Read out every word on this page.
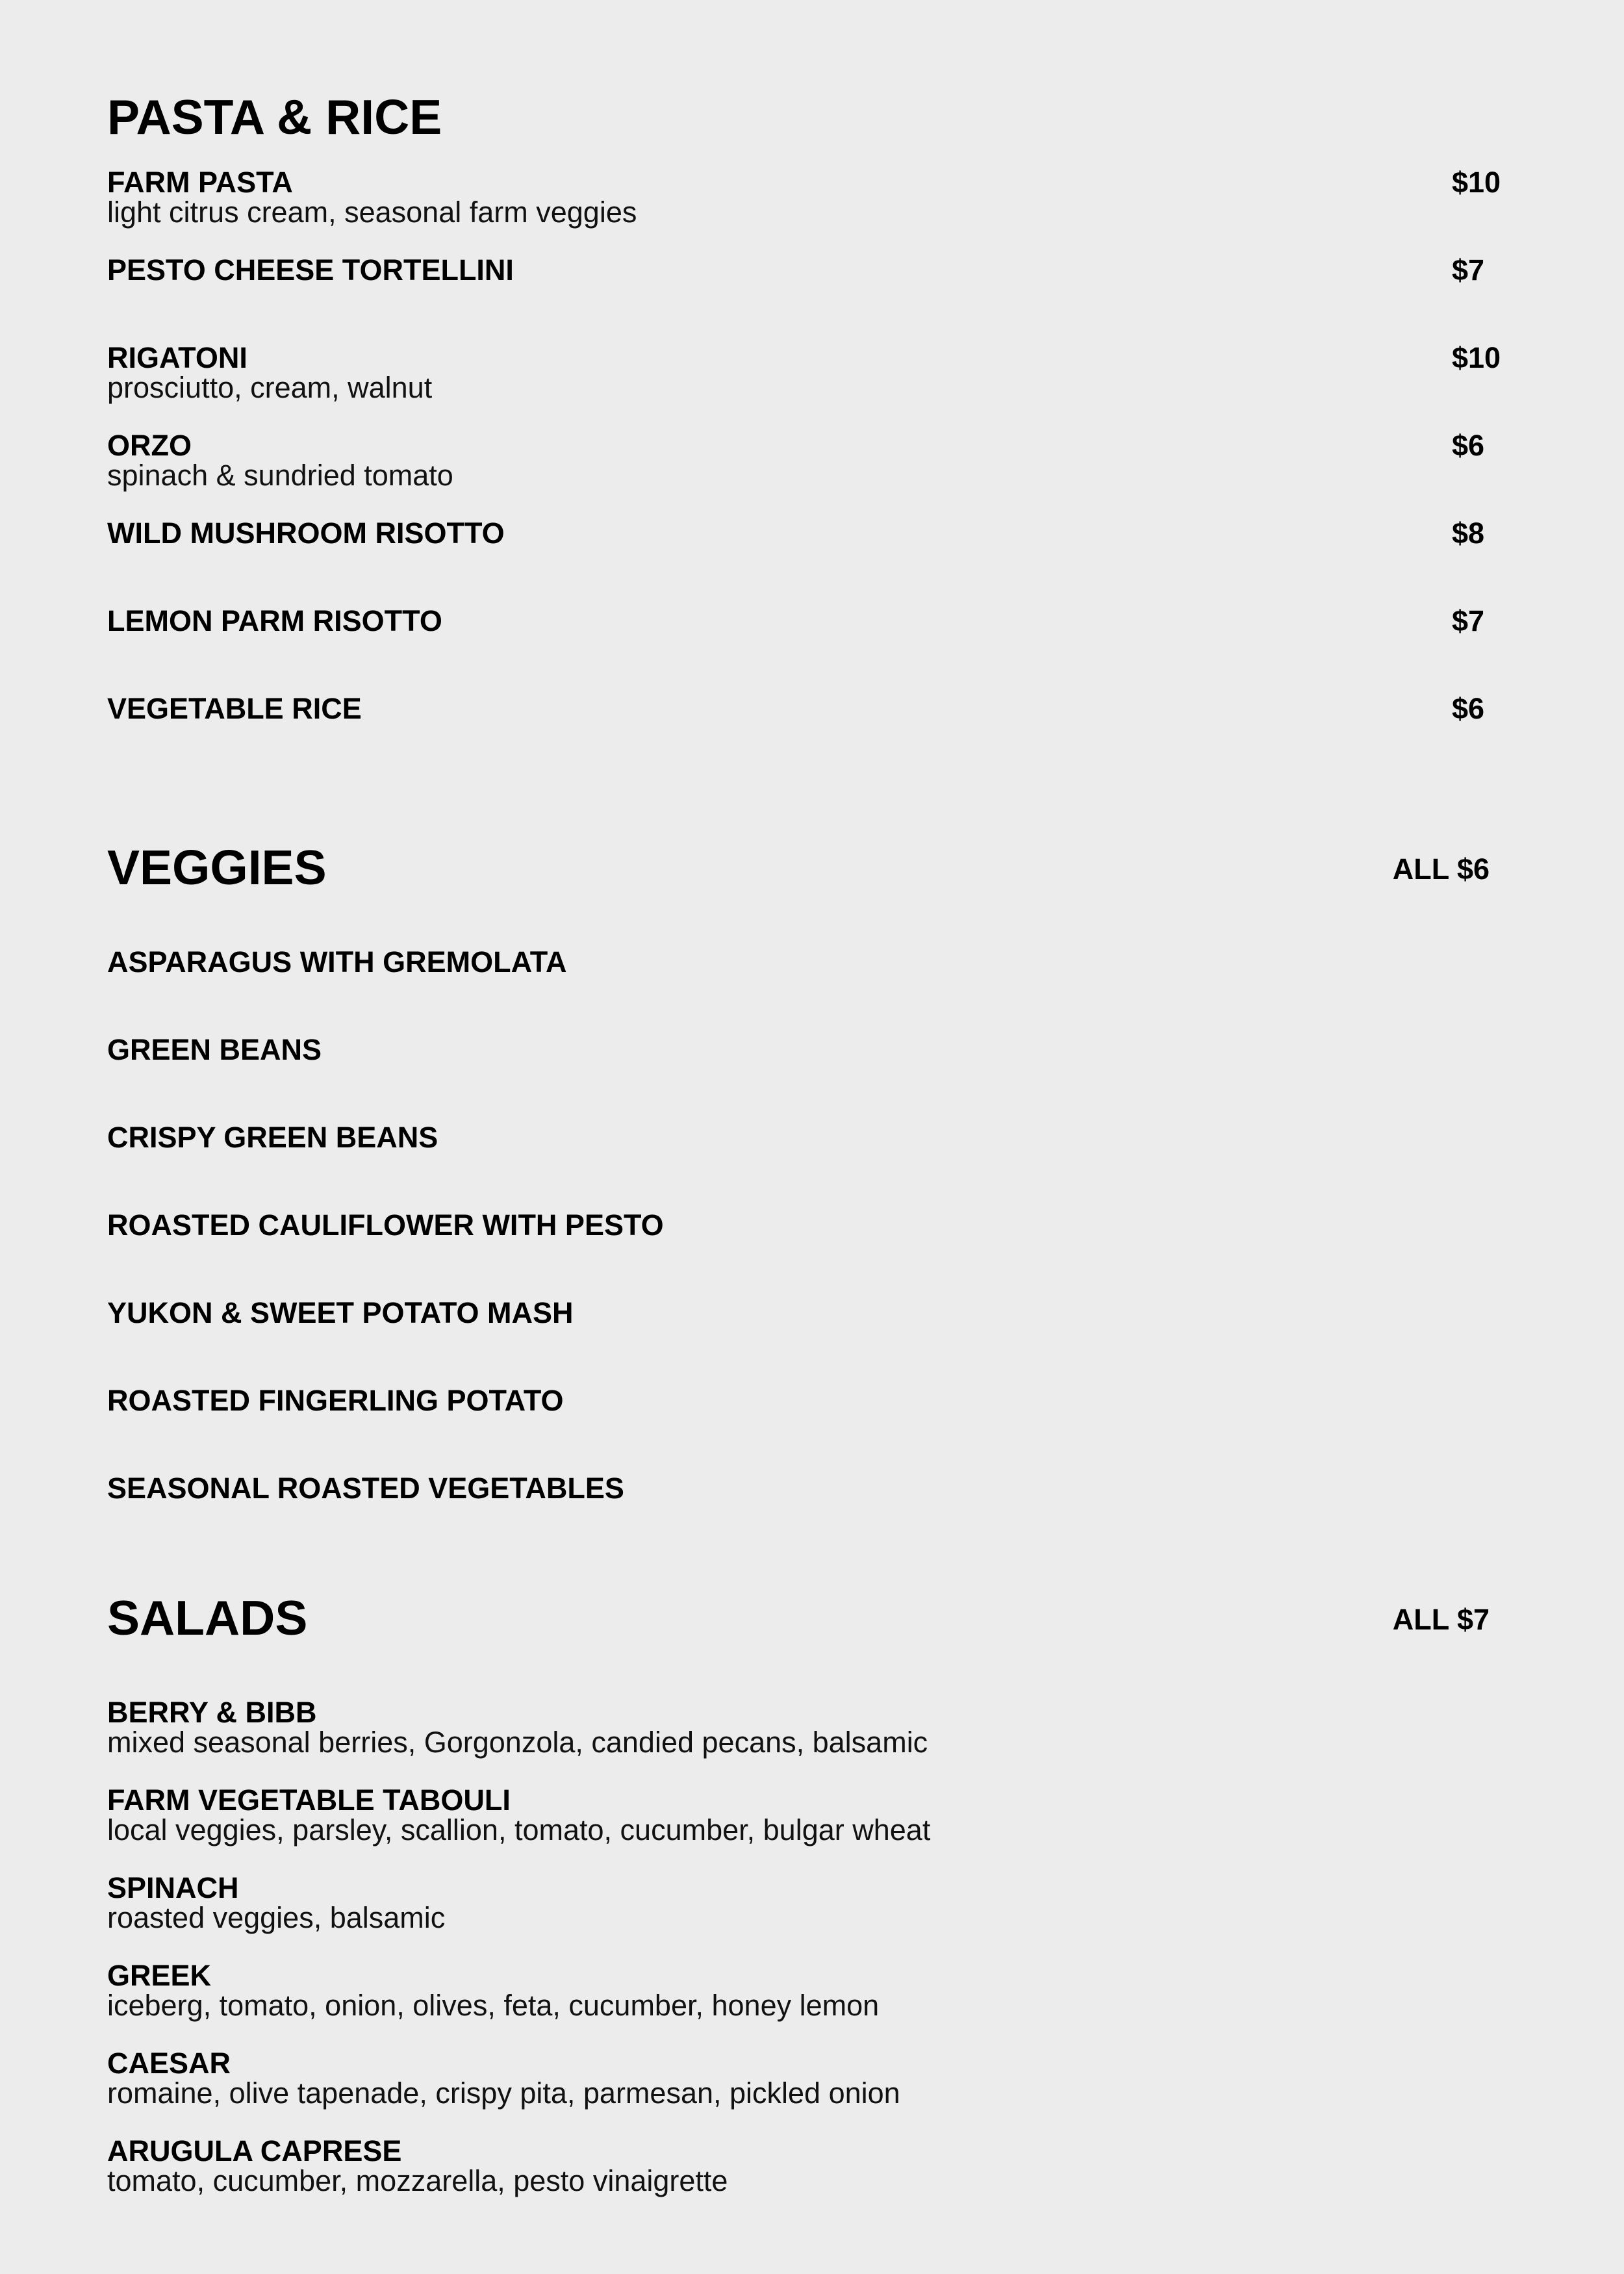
PASTA & RICE
FARM PASTA
light citrus cream, seasonal farm veggies
$10
PESTO CHEESE TORTELLINI	$7
RIGATONI
prosciutto, cream, walnut
$10
ORZO
spinach & sundried tomato
$6
WILD MUSHROOM RISOTTO	$8
LEMON PARM RISOTTO	$7
VEGETABLE RICE	$6
VEGGIES	ALL $6
ASPARAGUS WITH GREMOLATA
GREEN BEANS
CRISPY GREEN BEANS
ROASTED CAULIFLOWER WITH PESTO
YUKON & SWEET POTATO MASH
ROASTED FINGERLING POTATO
SEASONAL ROASTED VEGETABLES
SALADS	ALL $7
BERRY & BIBB
mixed seasonal berries, Gorgonzola, candied pecans, balsamic
FARM VEGETABLE TABOULI
local veggies, parsley, scallion, tomato, cucumber, bulgar wheat
SPINACH
roasted veggies, balsamic
GREEK
iceberg, tomato, onion, olives, feta, cucumber, honey lemon
CAESAR
romaine, olive tapenade, crispy pita, parmesan, pickled onion
ARUGULA CAPRESE
tomato, cucumber, mozzarella, pesto vinaigrette
